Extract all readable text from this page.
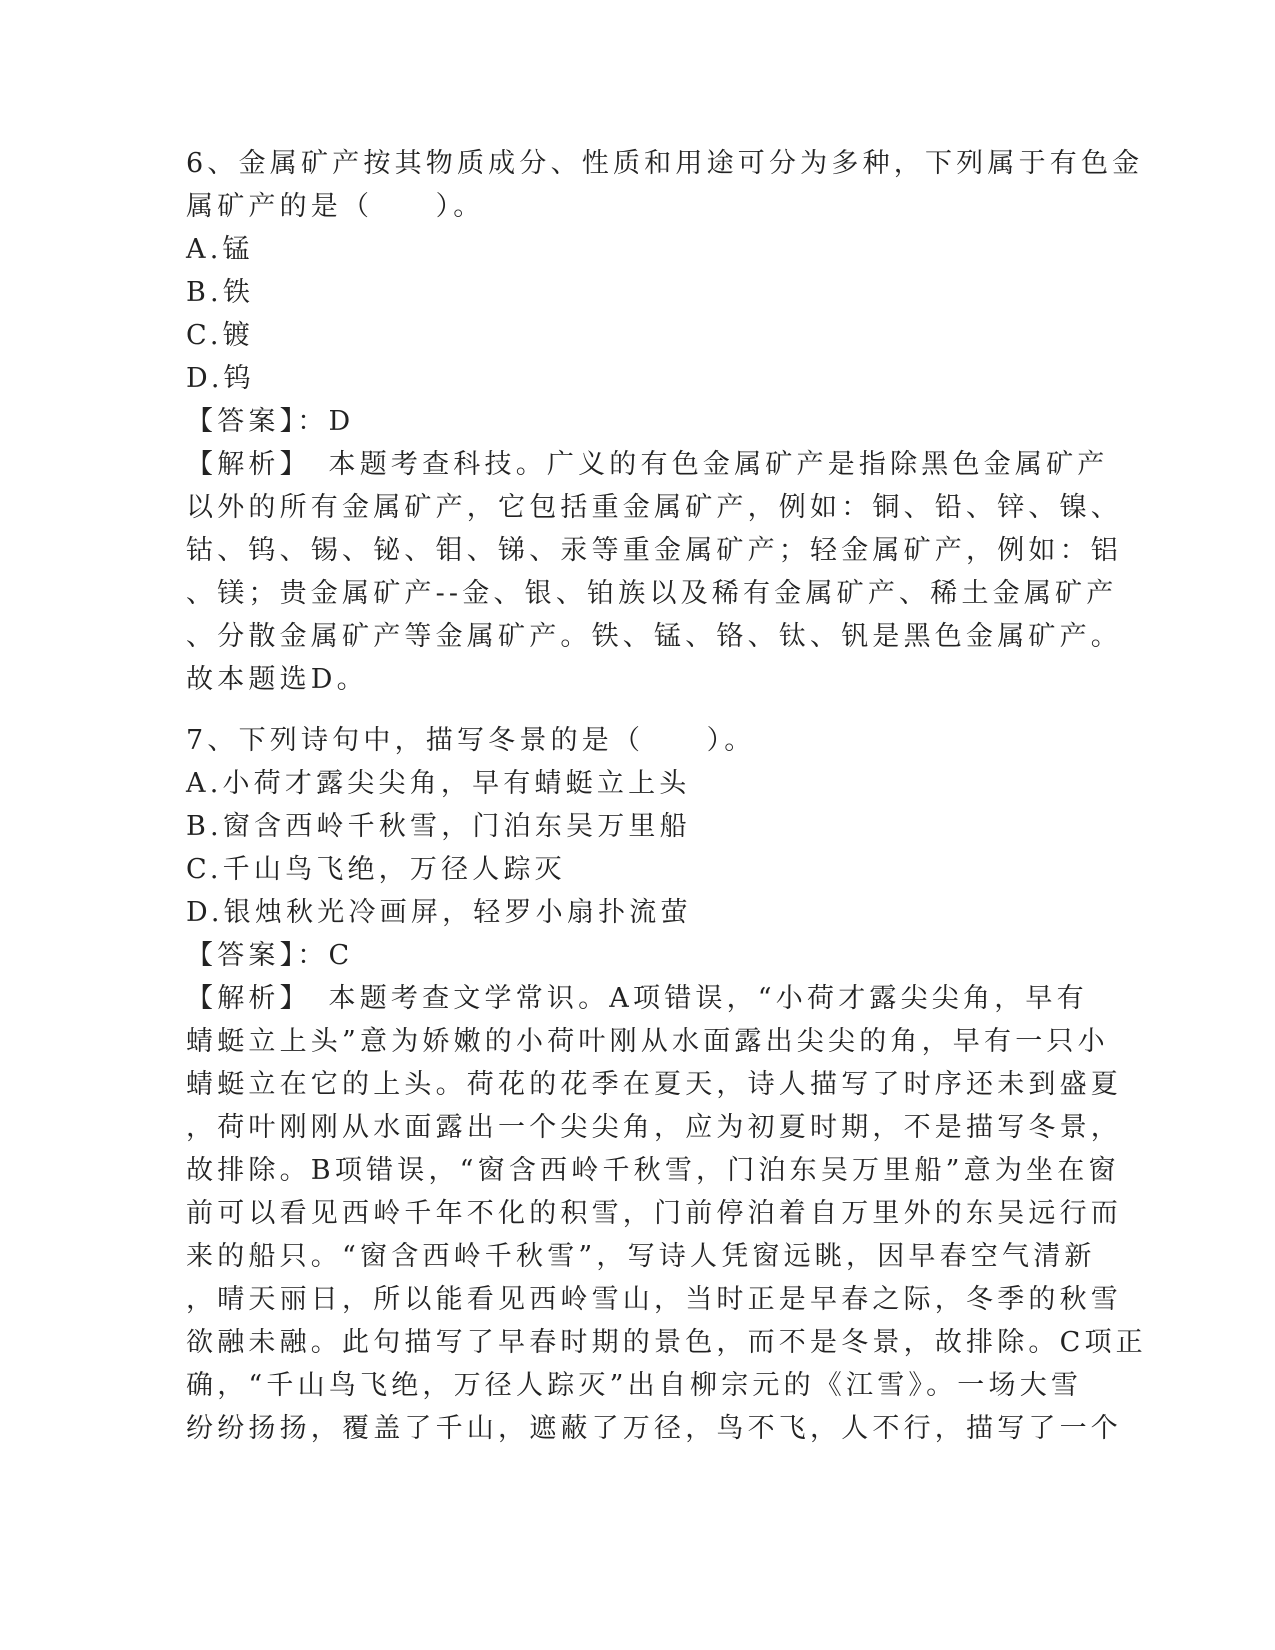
6、金属矿产按其物质成分、性质和用途可分为多种，下列属于有色金
属矿产的是（　　）。
A.锰
B.铁
C.镀
D.钨
【答案】：D
【解析】　本题考查科技。广义的有色金属矿产是指除黑色金属矿产
以外的所有金属矿产，它包括重金属矿产，例如：铜、铅、锌、镍、
钴、钨、锡、铋、钼、锑、汞等重金属矿产；轻金属矿产，例如：铝
、镁；贵金属矿产--金、银、铂族以及稀有金属矿产、稀土金属矿产
、分散金属矿产等金属矿产。铁、锰、铬、钛、钒是黑色金属矿产。
故本题选D。
7、下列诗句中，描写冬景的是（　　）。
A.小荷才露尖尖角，早有蜻蜓立上头
B.窗含西岭千秋雪，门泊东吴万里船
C.千山鸟飞绝，万径人踪灭
D.银烛秋光冷画屏，轻罗小扇扑流萤
【答案】：C
【解析】　本题考查文学常识。A项错误，“小荷才露尖尖角，早有
蜻蜓立上头”意为娇嫩的小荷叶刚从水面露出尖尖的角，早有一只小
蜻蜓立在它的上头。荷花的花季在夏天，诗人描写了时序还未到盛夏
，荷叶刚刚从水面露出一个尖尖角，应为初夏时期，不是描写冬景，
故排除。B项错误，“窗含西岭千秋雪，门泊东吴万里船”意为坐在窗
前可以看见西岭千年不化的积雪，门前停泊着自万里外的东吴远行而
来的船只。“窗含西岭千秋雪”，写诗人凭窗远眺，因早春空气清新
，晴天丽日，所以能看见西岭雪山，当时正是早春之际，冬季的秋雪
欲融未融。此句描写了早春时期的景色，而不是冬景，故排除。C项正
确，“千山鸟飞绝，万径人踪灭”出自柳宗元的《江雪》。一场大雪
纷纷扬扬，覆盖了千山，遮蔽了万径，鸟不飞，人不行，描写了一个
